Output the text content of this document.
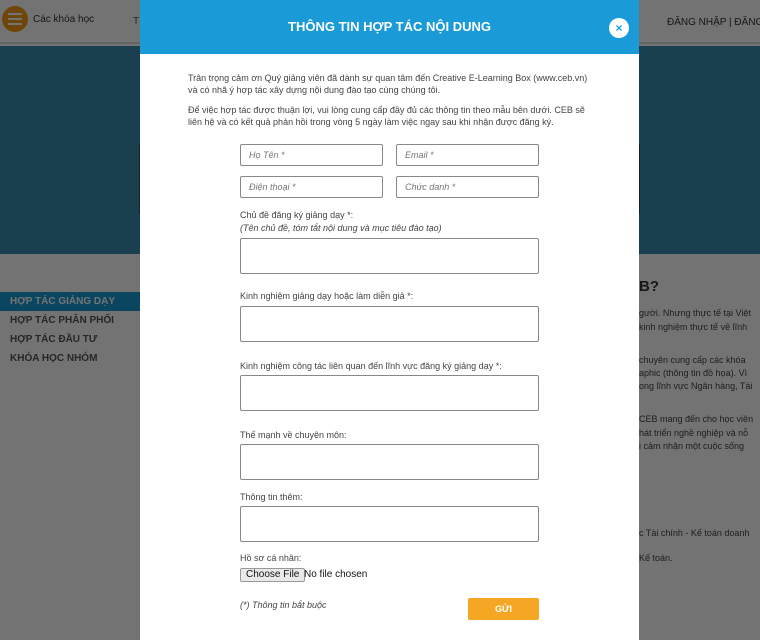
THÔNG TIN HỢP TÁC NỘI DUNG	×
Trân trọng cảm ơn Quý giảng viên đã dành sự quan tâm đến Creative E-Learning Box (www.ceb.vn) và có nhã ý hợp tác xây dựng nội dung đào tạo cùng chúng tôi.
Để việc hợp tác được thuận lợi, vui lòng cung cấp đầy đủ các thông tin theo mẫu bên dưới. CEB sẽ liên hệ và có kết quả phản hồi trong vòng 5 ngày làm việc ngay sau khi nhận được đăng ký.
Họ Tên *
Email *
Điện thoại *
Chức danh *
Chủ đề đăng ký giảng dạy *:
(Tên chủ đề, tóm tắt nội dung và mục tiêu đào tạo)
Kinh nghiệm giảng dạy hoặc làm diễn giả *:
Kinh nghiệm công tác liên quan đến lĩnh vực đăng ký giảng dạy *:
Thế mạnh về chuyên môn:
Thông tin thêm:
Hồ sơ cá nhân:
Choose File No file chosen
(*) Thông tin bắt buộc	GỬI
